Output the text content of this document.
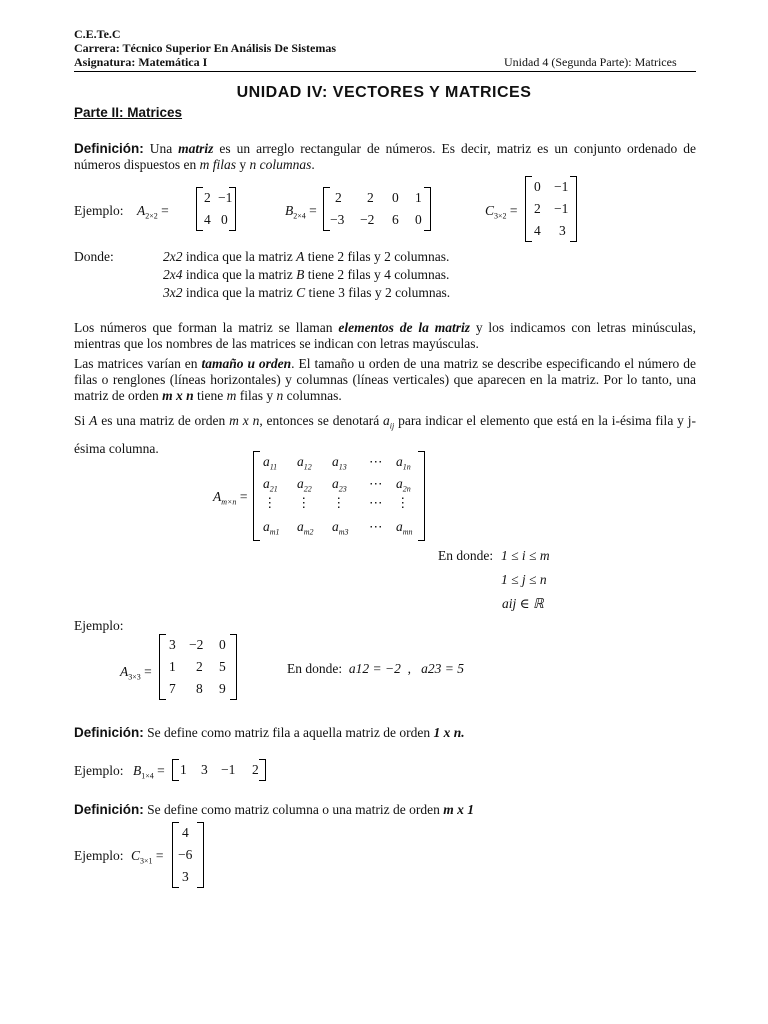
C.E.Te.C
Carrera: Técnico Superior En Análisis De Sistemas
Asignatura: Matemática I	Unidad 4 (Segunda Parte): Matrices
UNIDAD IV: VECTORES Y MATRICES
Parte II: Matrices
Definición: Una matriz es un arreglo rectangular de números. Es decir, matriz es un conjunto ordenado de números dispuestos en m filas y n columnas.
Ejemplo: $A_{2\times 2}$ =
2 −1
4 0
$B_{2\times 4}$ =
2 2 0 1
−3 −2 6 0
$C_{3\times 2}$ =
0 −1
2 −1
4 3
Donde:	2x2 indica que la matriz A tiene 2 filas y 2 columnas.
2x4 indica que la matriz B tiene 2 filas y 4 columnas.
3x2 indica que la matriz C tiene 3 filas y 2 columnas.
Los números que forman la matriz se llaman elementos de la matriz y los indicamos con letras minúsculas, mientras que los nombres de las matrices se indican con letras mayúsculas.
Las matrices varían en tamaño u orden. El tamaño u orden de una matriz se describe especificando el número de filas o renglones (líneas horizontales) y columnas (líneas verticales) que aparecen en la matriz. Por lo tanto, una matriz de orden m x n tiene m filas y n columnas.
Si A es una matriz de orden m x n, entonces se denotará $a_{ij}$ para indicar el elemento que está en la i-ésima fila y j-ésima columna.
$A_{m\times n}$ =
$a_{11}$ $a_{12}$ $a_{13}$ ⋯ $a_{1n}$
$a_{21}$ $a_{22}$ $a_{23}$ ⋯ $a_{2n}$
⋮ ⋮ ⋮ ⋯ ⋮
$a_{m1}$ $a_{m2}$ $a_{m3}$ ⋯ $a_{mn}$
En donde: 1 ≤ i ≤ m
1 ≤ j ≤ n
aij ∈ ℝ
Ejemplo:
$A_{3\times 3}$ =
3 −2 0
1 2 5
7 8 9
En donde: a12 = −2 , a23 = 5
Definición: Se define como matriz fila a aquella matriz de orden 1 x n.
Ejemplo: $B_{1\times 4} = 1$ 3 −1 2
Definición: Se define como matriz columna o una matriz de orden m x 1
Ejemplo: $C_{3\times 1}$ =
4
−6
3
